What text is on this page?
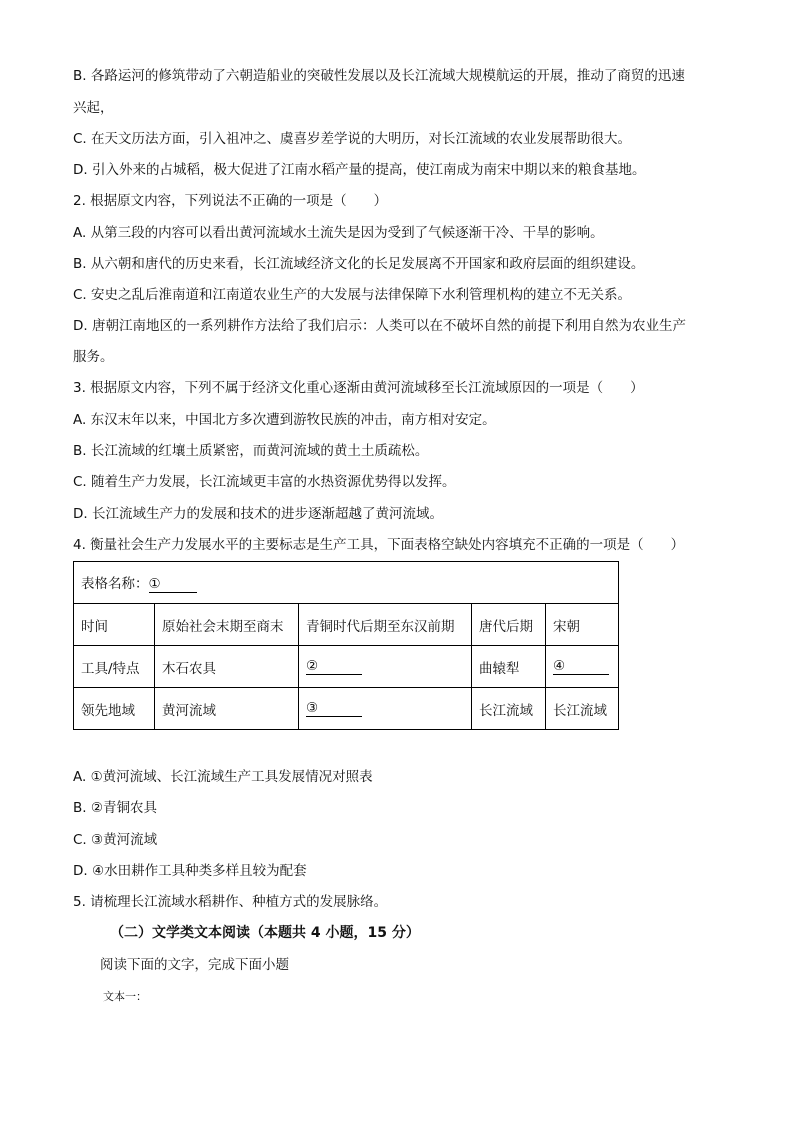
B. 各路运河的修筑带动了六朝造船业的突破性发展以及长江流域大规模航运的开展，推动了商贸的迅速
兴起，
C. 在天文历法方面，引入祖冲之、虞喜岁差学说的大明历，对长江流域的农业发展帮助很大。
D. 引入外来的占城稻，极大促进了江南水稻产量的提高，使江南成为南宋中期以来的粮食基地。
2. 根据原文内容，下列说法不正确的一项是（　　）
A. 从第三段的内容可以看出黄河流域水土流失是因为受到了气候逐渐干冷、干旱的影响。
B. 从六朝和唐代的历史来看，长江流域经济文化的长足发展离不开国家和政府层面的组织建设。
C. 安史之乱后淮南道和江南道农业生产的大发展与法律保障下水利管理机构的建立不无关系。
D. 唐朝江南地区的一系列耕作方法给了我们启示：人类可以在不破坏自然的前提下利用自然为农业生产
服务。
3. 根据原文内容，下列不属于经济文化重心逐渐由黄河流域移至长江流域原因的一项是（　　）
A. 东汉末年以来，中国北方多次遭到游牧民族的冲击，南方相对安定。
B. 长江流域的红壤土质紧密，而黄河流域的黄土土质疏松。
C. 随着生产力发展，长江流域更丰富的水热资源优势得以发挥。
D. 长江流域生产力的发展和技术的进步逐渐超越了黄河流域。
4. 衡量社会生产力发展水平的主要标志是生产工具，下面表格空缺处内容填充不正确的一项是（　　）
表格名称：①				
时间	原始社会末期至商末	青铜时代后期至东汉前期	唐代后期	宋朝
工具/特点	木石农具	②	曲辕犁	④
领先地域	黄河流域	③	长江流域	长江流域
A. ①黄河流域、长江流域生产工具发展情况对照表
B. ②青铜农具
C. ③黄河流域
D. ④水田耕作工具种类多样且较为配套
5. 请梳理长江流域水稻耕作、种植方式的发展脉络。
（二）文学类文本阅读（本题共 4 小题，15 分）
阅读下面的文字，完成下面小题
文本一：
